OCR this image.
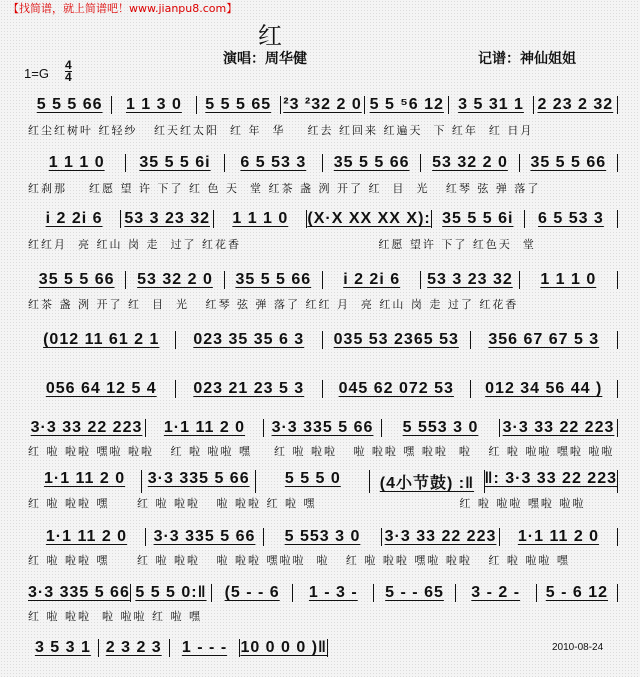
【找简谱，就上简谱吧！www.jianpu8.com】
红
演唱：周华健	记谱：神仙姐姐
1=G
4
4
5 5 5 66	1 1 3 0	5 5 5 65 ²3 ²32 2 0 5 5 ⁵6 12 3 5 31 1 2 23 2 32
红尘红树叶 红轻纱   红天红太阳  红 年  华    红去 红回来 红遍天  下 红年  红 日月
1 1 1 0	35 5 5 6i	6 5 53 3	35 5 5 66	53 32 2 0	35 5 5 66
红刹那    红愿 望 许 下了 红 色 天  堂 红茶 盏 洌 开了 红  目  光   红琴 弦 弹 落了
i 2 2i 6	53 3 23 32	1 1 1 0	(X·X XX XX X): 35 5 5 6i	6 5 53 3
红红月  亮 红山 岗 走  过了 红花香                         红愿 望许 下了 红色天  堂
35 5 5 66	53 32 2 0	35 5 5 66	i 2 2i 6	53 3 23 32	1 1 1 0
红茶 盏 洌 开了 红  目  光   红琴 弦 弹 落了 红红 月  亮 红山 岗 走 过了 红花香
(012 11 61 2 1	023 35 35 6 3	035 53 2365 53	356 67 67 5 3
056 64 12 5 4	023 21 23 5 3	045 62 072 53	012 34 56 44 )
3·3 33 22 223	1·1 11 2 0	3·3 335 5 66	5 553 3 0	3·3 33 22 223
红 啦 啦啦 嘿啦 啦啦   红 啦 啦啦 嘿    红 啦 啦啦   啦 啦啦 嘿 啦啦  啦   红 啦 啦啦 嘿啦 啦啦
1·1 11 2 0	3·3 335 5 66	5 5 5 0	(4小节鼓) :‖ ‖: 3·3 33 22 223
红 啦 啦啦 嘿     红 啦 啦啦   啦 啦啦 红 啦 嘿                          红 啦 啦啦 嘿啦 啦啦
1·1 11 2 0	3·3 335 5 66	5 553 3 0	3·3 33 22 223	1·1 11 2 0
红 啦 啦啦 嘿     红 啦 啦啦   啦 啦啦 嘿啦啦  啦   红 啦 啦啦 嘿啦 啦啦   红 啦 啦啦 嘿
3·3 335 5 66 5 5 5 0:‖	(5 - - 6	1 - 3 -	5 - - 65	3 - 2 -	5 - 6 12
红 啦 啦啦  啦 啦啦 红 啦 嘿
3 5 3 1 2 3 2 3	1 - - - 10 0 0 0 )‖	2010-08-24
